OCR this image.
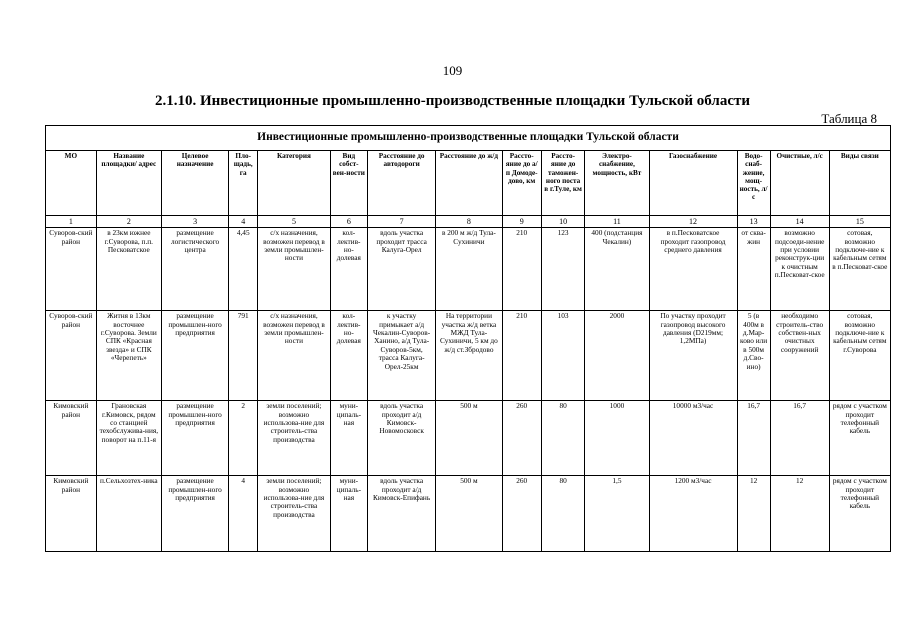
109
2.1.10. Инвестиционные промышленно-производственные площадки Тульской области
Таблица 8
Инвестиционные промышленно-производственные площадки Тульской области														
МО	Название площадки/ адрес	Целевое назначение	Пло-щадь, га	Категория	Вид собст-вен-ности	Расстояние до автодороги	Расстояние до ж/д	Рассто-яние до а/п Домоде-дово, км	Рассто-яние до таможен-ного поста в г.Туле, км	Электро-снабжение, мощность, кВт	Газоснабжение	Водо-снаб-жение, мощ-ность, л/с	Очистные, л/с	Виды связи
1	2	3	4	5	6	7	8	9	10	11	12	13	14	15
Суворов-ский район	в 23км южнее г.Суворова, п.п. Песковатское	размещение логистического центра	4,45	с/х назначения, возможен перевод в земли промышлен-ности	кол-лектив-но-долевая	вдоль участка проходит трасса Калуга-Орел	в 200 м ж/д Тула-Сухиничи	210	123	400 (подстанция Чекалин)	в п.Песковатское проходит газопровод среднего давления	от сква-жин	возможно подсоеди-нение при условии реконструк-ции к очистным п.Песковат-ское	сотовая, возможно подключе-ние к кабельным сетям в п.Песковат-ское
Суворов-ский район	Житня в 13км восточнее г.Суворова. Земли СПК «Красная звезда» и СПК «Черепеть»	размещение промышлен-ного предприятия	791	с/х назначения, возможен перевод в земли промышлен-ности	кол-лектив-но-долевая	к участку примыкает а/д Чекалин-Суворов-Ханино, а/д Тула-Суворов-5км, трасса Калуга-Орел-25км	На территории участка ж/д ветка МЖД Тула-Сухиничи, 5 км до ж/д ст.Збродово	210	103	2000	По участку проходит газопровод высокого давления (D219мм; 1,2МПа)	5 (в 400м в д.Мар-ково или в 500м д.Сво-ино)	необходимо строитель-ство собствен-ных очистных сооружений	сотовая, возможно подключе-ние к кабельным сетям г.Суворова
Кимовский район	Грановская г.Кимовск, рядом со станцией техобслужива-ния, поворот на п.11-я	размещение промышлен-ного предприятия	2	земли поселений; возможно использова-ние для строитель-ства производства	муни-ципаль-ная	вдоль участка проходит а/д Кимовск-Новомосковск	500 м	260	80	1000	10000 м3/час	16,7	16,7	рядом с участком проходит телефонный кабель
Кимовский район	п.Сельхозтех-ника	размещение промышлен-ного предприятия	4	земли поселений; возможно использова-ние для строитель-ства производства	муни-ципаль-ная	вдоль участка проходит а/д Кимовск-Епифань	500 м	260	80	1,5	1200 м3/час	12	12	рядом с участком проходит телефонный кабель
